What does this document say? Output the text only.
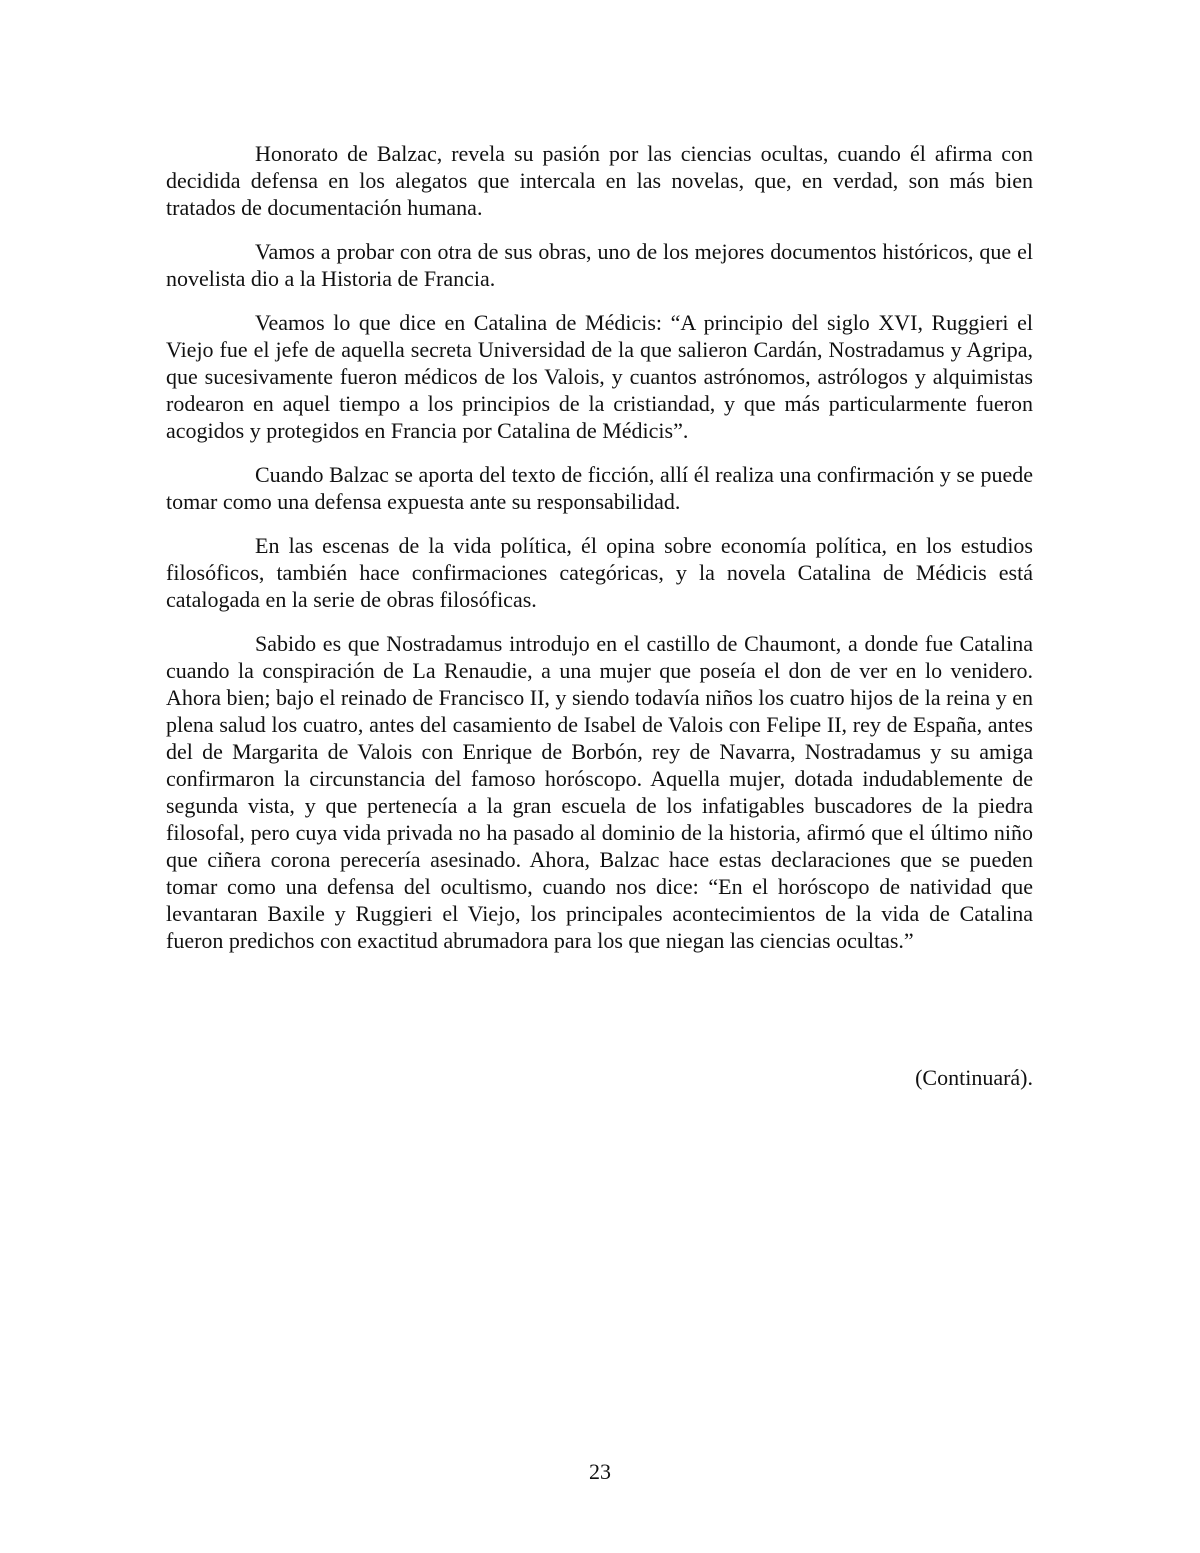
Honorato de Balzac, revela su pasión por las ciencias ocultas, cuando él afirma con decidida defensa en los alegatos que intercala en las novelas, que, en verdad, son más bien tratados de documentación humana.

Vamos a probar con otra de sus obras, uno de los mejores documentos históricos, que el novelista dio a la Historia de Francia.

Veamos lo que dice en Catalina de Médicis: “A principio del siglo XVI, Ruggieri el Viejo fue el jefe de aquella secreta Universidad de la que salieron Cardán, Nostradamus y Agripa, que sucesivamente fueron médicos de los Valois, y cuantos astrónomos, astrólogos y alquimistas rodearon en aquel tiempo a los principios de la cristiandad, y que más particularmente fueron acogidos y protegidos en Francia por Catalina de Médicis”.

Cuando Balzac se aporta del texto de ficción, allí él realiza una confirmación y se puede tomar como una defensa expuesta ante su responsabilidad.

En las escenas de la vida política, él opina sobre economía política, en los estudios filosóficos, también hace confirmaciones categóricas, y la novela Catalina de Médicis está catalogada en la serie de obras filosóficas.

Sabido es que Nostradamus introdujo en el castillo de Chaumont, a donde fue Catalina cuando la conspiración de La Renaudie, a una mujer que poseía el don de ver en lo venidero. Ahora bien; bajo el reinado de Francisco II, y siendo todavía niños los cuatro hijos de la reina y en plena salud los cuatro, antes del casamiento de Isabel de Valois con Felipe II, rey de España, antes del de Margarita de Valois con Enrique de Borbón, rey de Navarra, Nostradamus y su amiga confirmaron la circunstancia del famoso horóscopo. Aquella mujer, dotada indudablemente de segunda vista, y que pertenecía a la gran escuela de los infatigables buscadores de la piedra filosofal, pero cuya vida privada no ha pasado al dominio de la historia, afirmó que el último niño que ciñera corona perecería asesinado. Ahora, Balzac hace estas declaraciones que se pueden tomar como una defensa del ocultismo, cuando nos dice: “En el horóscopo de natividad que levantaran Baxile y Ruggieri el Viejo, los principales acontecimientos de la vida de Catalina fueron predichos con exactitud abrumadora para los que niegan las ciencias ocultas.”

(Continuará).
23
